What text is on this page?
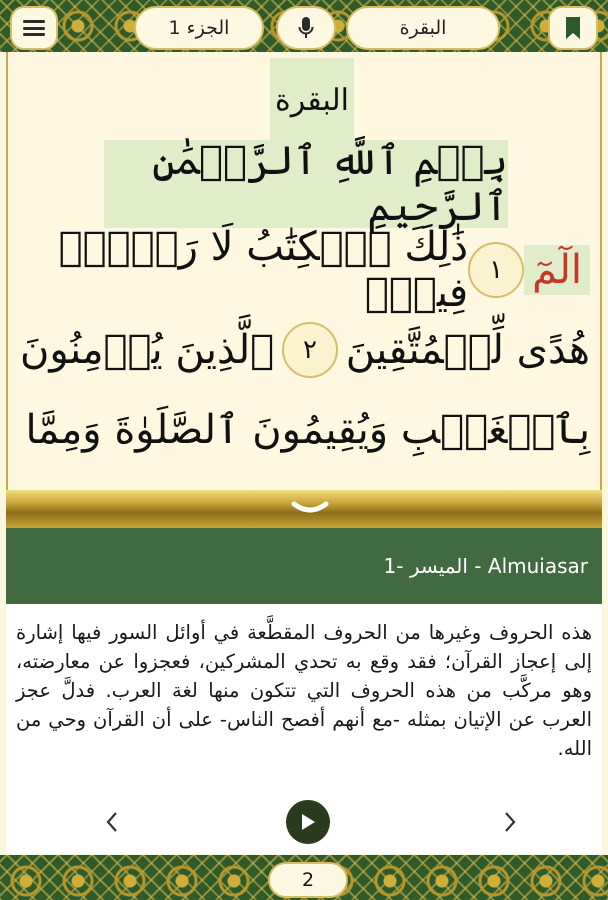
الجزء 1	البقرة
البقرة
بِسۡمِ ٱللَّهِ ٱلرَّحۡمَٰنِ ٱلرَّحِيمِ
الٓمٓ
١
ذَٰلِكَ ٱلۡكِتَٰبُ لَا رَيۡبَۛ فِيهِۛ
هُدًى لِّلۡمُتَّقِينَ
٢
ٱلَّذِينَ يُؤۡمِنُونَ
بِٱلۡغَيۡبِ وَيُقِيمُونَ ٱلصَّلَوٰةَ وَمِمَّا
1- الميسر - Almuiasar
هذه الحروف وغيرها من الحروف المقطَّعة في أوائل السور فيها إشارة إلى إعجاز القرآن؛ فقد وقع به تحدي المشركين، فعجزوا عن معارضته، وهو مركَّب من هذه الحروف التي تتكون منها لغة العرب. فدلَّ عجز العرب عن الإتيان بمثله -مع أنهم أفصح الناس- على أن القرآن وحي من الله.
2
